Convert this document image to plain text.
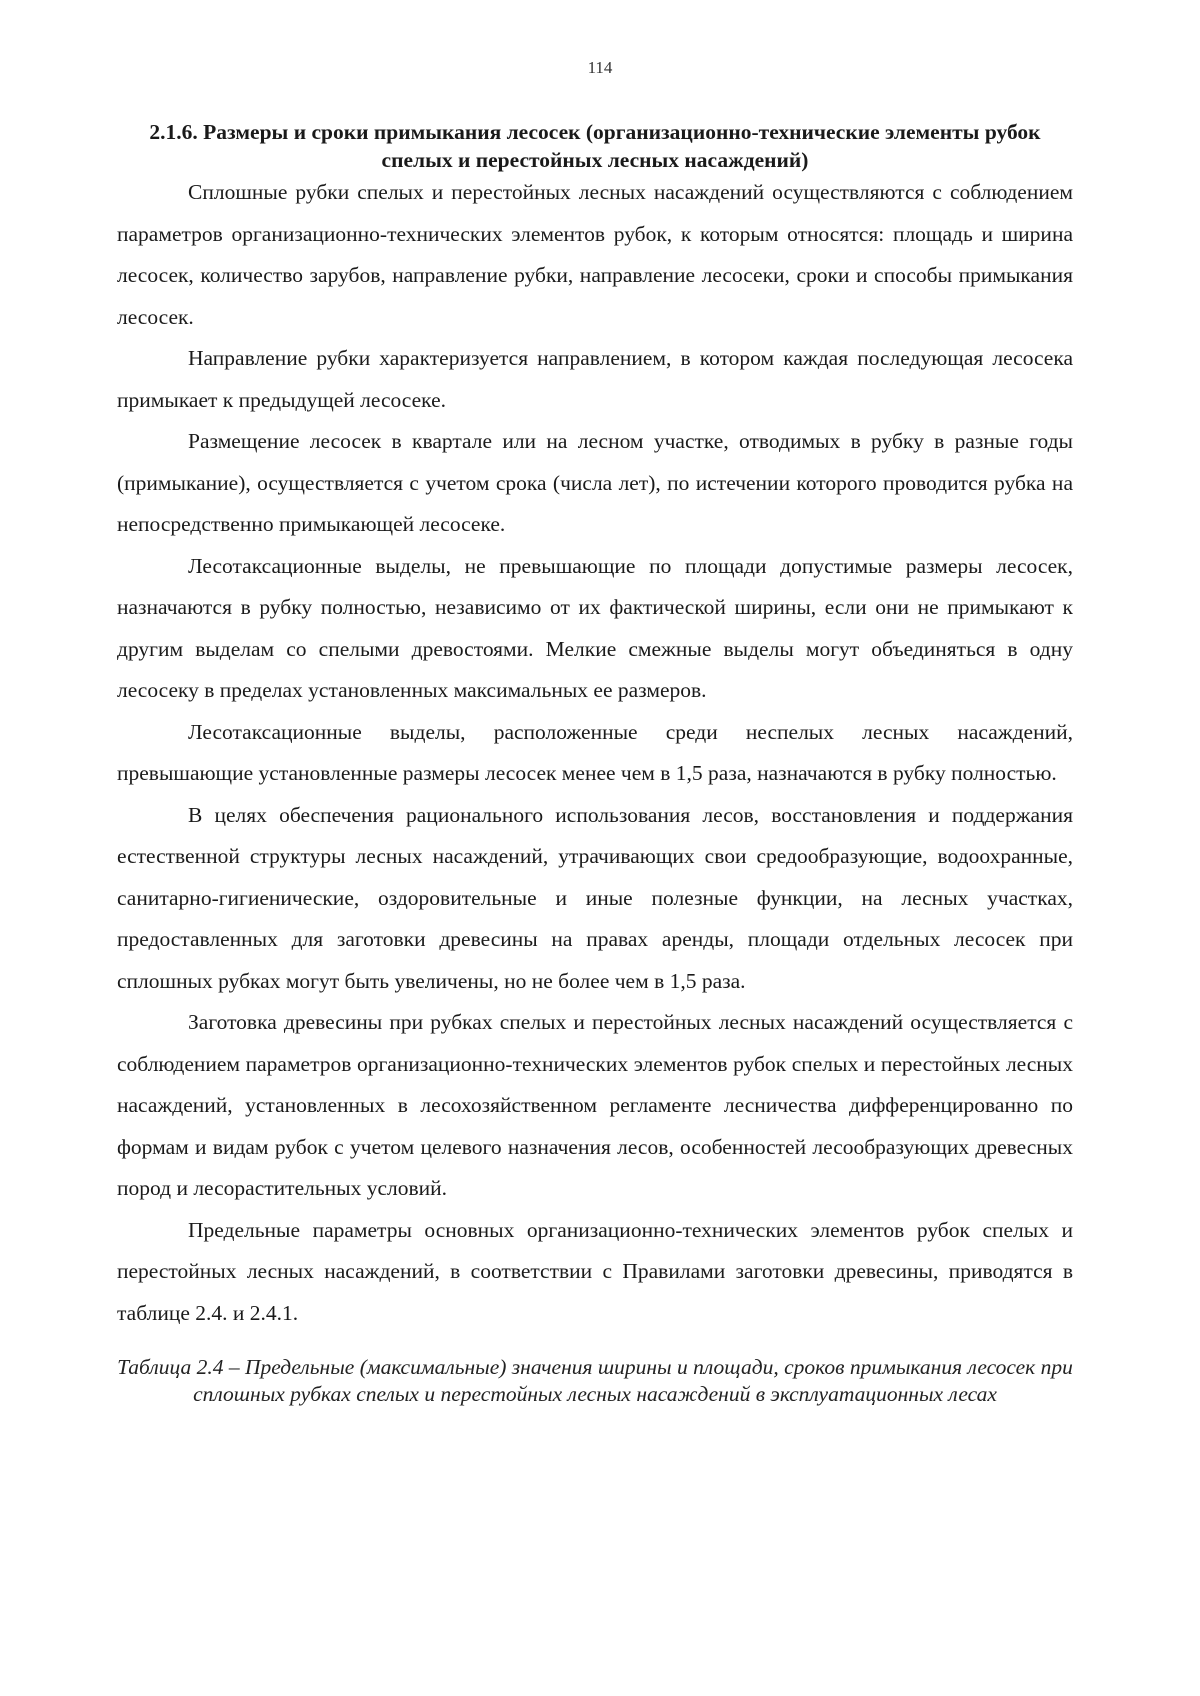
114
2.1.6. Размеры и сроки примыкания лесосек (организационно-технические элементы рубок спелых и перестойных лесных насаждений)

Сплошные рубки спелых и перестойных лесных насаждений осуществляются с соблюдением параметров организационно-технических элементов рубок, к которым относятся: площадь и ширина лесосек, количество зарубов, направление рубки, направление лесосеки, сроки и способы примыкания лесосек.

Направление рубки характеризуется направлением, в котором каждая последующая лесосека примыкает к предыдущей лесосеке.

Размещение лесосек в квартале или на лесном участке, отводимых в рубку в разные годы (примыкание), осуществляется с учетом срока (числа лет), по истечении которого проводится рубка на непосредственно примыкающей лесосеке.

Лесотаксационные выделы, не превышающие по площади допустимые размеры лесосек, назначаются в рубку полностью, независимо от их фактической ширины, если они не примыкают к другим выделам со спелыми древостоями. Мелкие смежные выделы могут объединяться в одну лесосеку в пределах установленных максимальных ее размеров.

Лесотаксационные выделы, расположенные среди неспелых лесных насаждений, превышающие установленные размеры лесосек менее чем в 1,5 раза, назначаются в рубку полностью.

В целях обеспечения рационального использования лесов, восстановления и поддержания естественной структуры лесных насаждений, утрачивающих свои средообразующие, водоохранные, санитарно-гигиенические, оздоровительные и иные полезные функции, на лесных участках, предоставленных для заготовки древесины на правах аренды, площади отдельных лесосек при сплошных рубках могут быть увеличены, но не более чем в 1,5 раза.

Заготовка древесины при рубках спелых и перестойных лесных насаждений осуществляется с соблюдением параметров организационно-технических элементов рубок спелых и перестойных лесных насаждений, установленных в лесохозяйственном регламенте лесничества дифференцированно по формам и видам рубок с учетом целевого назначения лесов, особенностей лесообразующих древесных пород и лесорастительных условий.

Предельные параметры основных организационно-технических элементов рубок спелых и перестойных лесных насаждений, в соответствии с Правилами заготовки древесины, приводятся в таблице 2.4. и 2.4.1.

Таблица 2.4 – Предельные (максимальные) значения ширины и площади, сроков примыкания лесосек при сплошных рубках спелых и перестойных лесных насаждений в эксплуатационных лесах
